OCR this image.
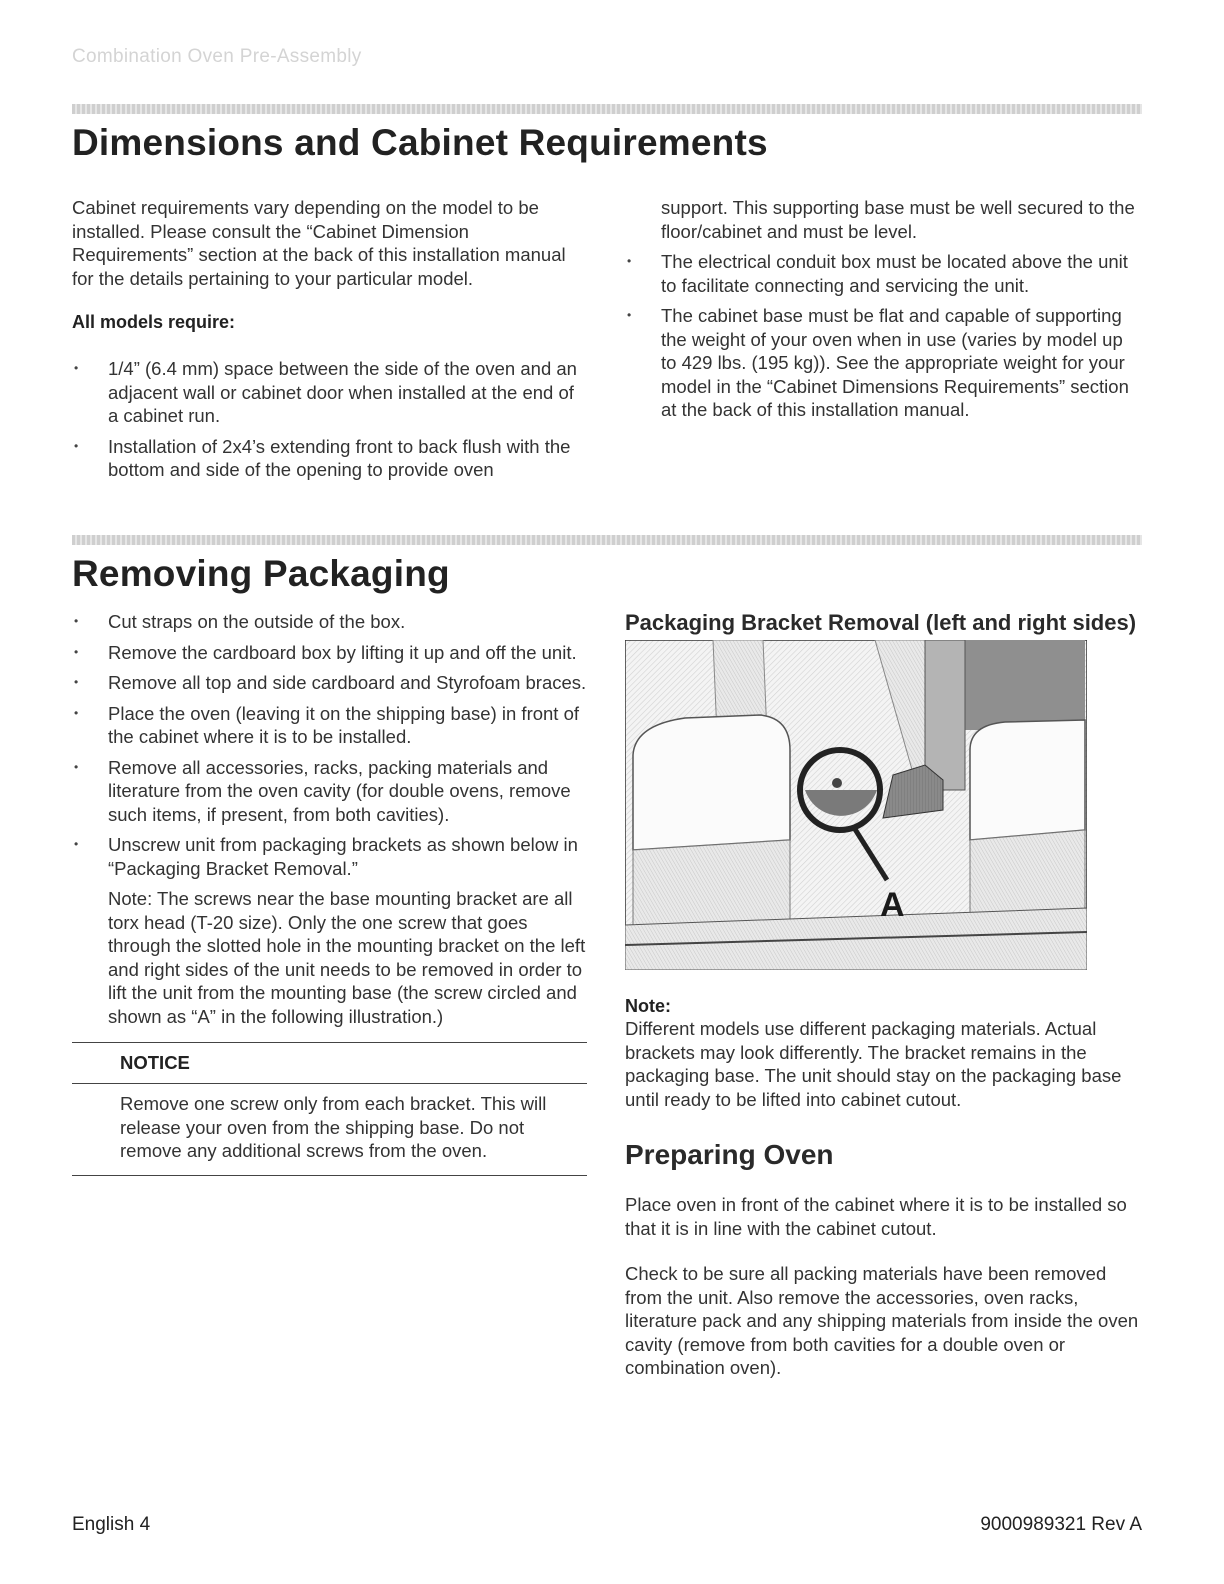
Combination Oven Pre-Assembly
Dimensions and Cabinet Requirements

Cabinet requirements vary depending on the model to be installed. Please consult the “Cabinet Dimension Requirements” section at the back of this installation manual for the details pertaining to your particular model.

All models require:
• 1/4” (6.4 mm) space between the side of the oven and an adjacent wall or cabinet door when installed at the end of a cabinet run.
• Installation of 2x4’s extending front to back flush with the bottom and side of the opening to provide oven

support. This supporting base must be well secured to the floor/cabinet and must be level.

• The electrical conduit box must be located above the unit to facilitate connecting and servicing the unit.
• The cabinet base must be flat and capable of supporting the weight of your oven when in use (varies by model up to 429 lbs. (195 kg)). See the appropriate weight for your model in the “Cabinet Dimensions Requirements” section at the back of this installation manual.
Removing Packaging
• Cut straps on the outside of the box.
• Remove the cardboard box by lifting it up and off the unit.
• Remove all top and side cardboard and Styrofoam braces.
• Place the oven (leaving it on the shipping base) in front of the cabinet where it is to be installed.
• Remove all accessories, racks, packing materials and literature from the oven cavity (for double ovens, remove such items, if present, from both cavities).
• Unscrew unit from packaging brackets as shown below in “Packaging Bracket Removal.”

Note: The screws near the base mounting bracket are all torx head (T-20 size). Only the one screw that goes through the slotted hole in the mounting bracket on the left and right sides of the unit needs to be removed in order to lift the unit from the mounting base (the screw circled and shown as “A” in the following illustration.)

NOTICE
Remove one screw only from each bracket. This will release your oven from the shipping base. Do not remove any additional screws from the oven.
Packaging Bracket Removal (left and right sides)
A
Note:

Different models use different packaging materials. Actual brackets may look differently. The bracket remains in the packaging base. The unit should stay on the packaging base until ready to be lifted into cabinet cutout.

Preparing Oven

Place oven in front of the cabinet where it is to be installed so that it is in line with the cabinet cutout.

Check to be sure all packing materials have been removed from the unit. Also remove the accessories, oven racks, literature pack and any shipping materials from inside the oven cavity (remove from both cavities for a double oven or combination oven).

English 4	9000989321 Rev A
